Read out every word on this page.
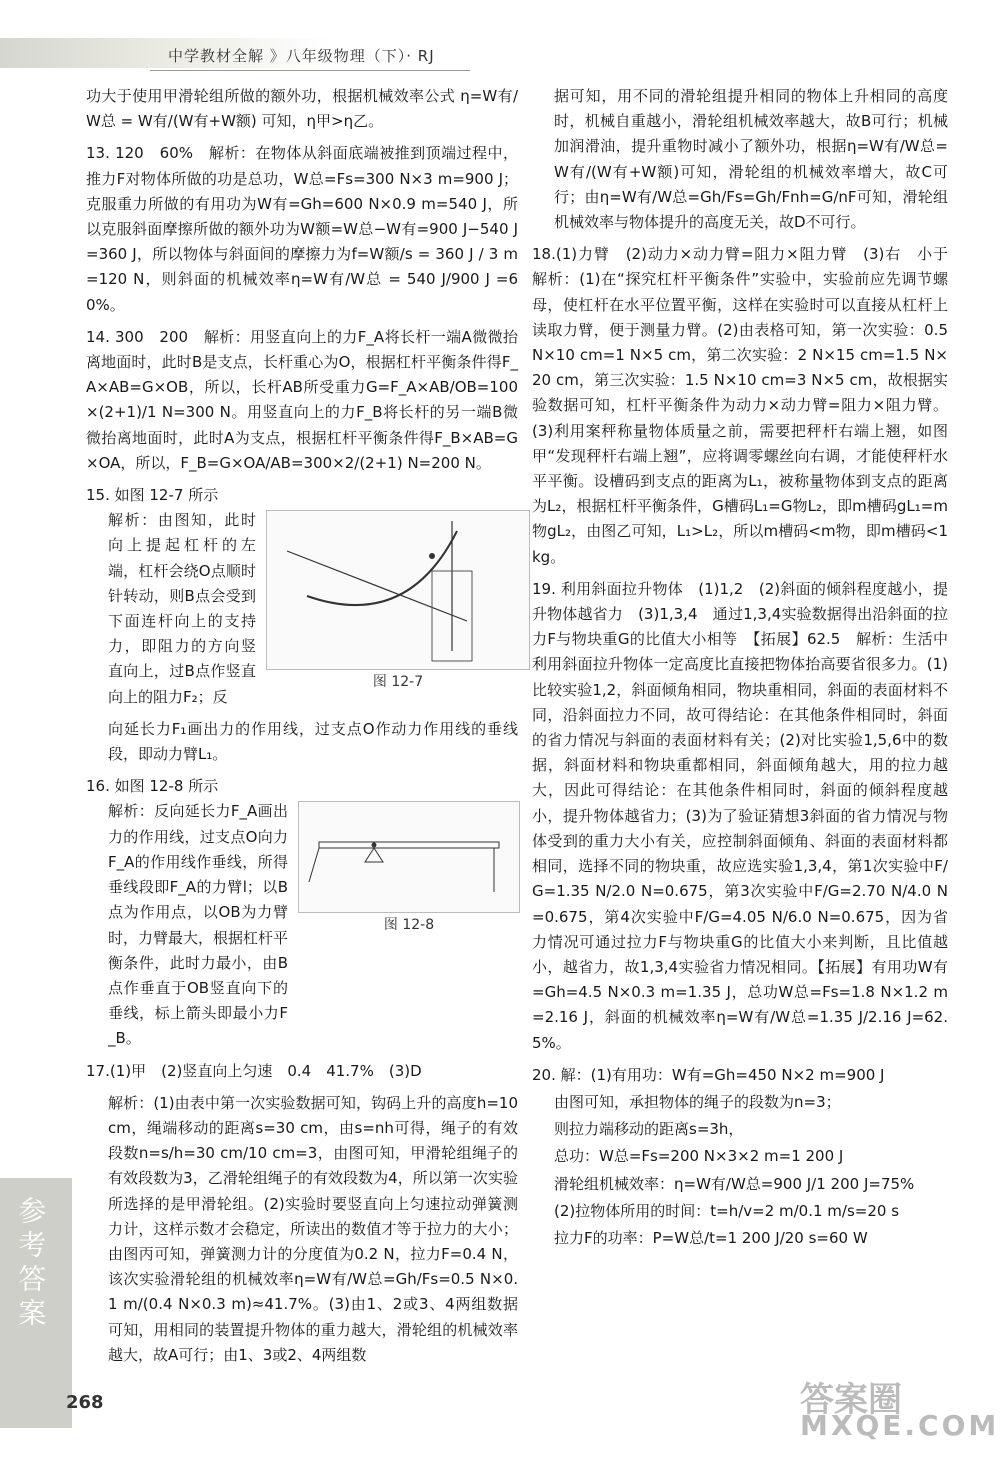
中学教材全解 》八年级物理（下）· RJ

功大于使用甲滑轮组所做的额外功，根据机械效率公式 η=W有/W总 = W有/(W有+W额) 可知，η甲>η乙。

13. 120　60%　解析：在物体从斜面底端被推到顶端过程中，推力F对物体所做的功是总功，W总=Fs=300 N×3 m=900 J；克服重力所做的有用功为W有=Gh=600 N×0.9 m=540 J，所以克服斜面摩擦所做的额外功为W额=W总−W有=900 J−540 J=360 J，所以物体与斜面间的摩擦力为f=W额/s = 360 J / 3 m =120 N，则斜面的机械效率η=W有/W总 = 540 J/900 J =60%。

14. 300　200　解析：用竖直向上的力F_A将长杆一端A微微抬离地面时，此时B是支点，长杆重心为O，根据杠杆平衡条件得F_A×AB=G×OB，所以，长杆AB所受重力G=F_A×AB/OB=100×(2+1)/1 N=300 N。用竖直向上的力F_B将长杆的另一端B微微抬离地面时，此时A为支点，根据杠杆平衡条件得F_B×AB=G×OA，所以，F_B=G×OA/AB=300×2/(2+1) N=200 N。

15. 如图 12-7 所示

解析：由图知，此时向上提起杠杆的左端，杠杆会绕O点顺时针转动，则B点会受到下面连杆向上的支持力，即阻力的方向竖直向上，过B点作竖直向上的阻力F₂；反

图 12-7

向延长力F₁画出力的作用线，过支点O作动力作用线的垂线段，即动力臂L₁。

16. 如图 12-8 所示

解析：反向延长力F_A画出力的作用线，过支点O向力F_A的作用线作垂线，所得垂线段即F_A的力臂l；以B点为作用点，以OB为力臂时，力臂最大，根据杠杆平衡条件，此时力最小，由B点作垂直于OB竖直向下的垂线，标上箭头即最小力F_B。

图 12-8

17.(1)甲　(2)竖直向上匀速　0.4　41.7%　(3)D

解析：(1)由表中第一次实验数据可知，钩码上升的高度h=10 cm，绳端移动的距离s=30 cm，由s=nh可得，绳子的有效段数n=s/h=30 cm/10 cm=3，由图可知，甲滑轮组绳子的有效段数为3，乙滑轮组绳子的有效段数为4，所以第一次实验所选择的是甲滑轮组。(2)实验时要竖直向上匀速拉动弹簧测力计，这样示数才会稳定，所读出的数值才等于拉力的大小；由图丙可知，弹簧测力计的分度值为0.2 N，拉力F=0.4 N，该次实验滑轮组的机械效率η=W有/W总=Gh/Fs=0.5 N×0.1 m/(0.4 N×0.3 m)≈41.7%。(3)由1、2或3、4两组数据可知，用相同的装置提升物体的重力越大，滑轮组的机械效率越大，故A可行；由1、3或2、4两组数

据可知，用不同的滑轮组提升相同的物体上升相同的高度时，机械自重越小，滑轮组机械效率越大，故B可行；机械加润滑油，提升重物时减小了额外功，根据η=W有/W总=W有/(W有+W额)可知，滑轮组的机械效率增大，故C可行；由η=W有/W总=Gh/Fs=Gh/Fnh=G/nF可知，滑轮组机械效率与物体提升的高度无关，故D不可行。

18.(1)力臂　(2)动力×动力臂=阻力×阻力臂　(3)右　小于　解析：(1)在“探究杠杆平衡条件”实验中，实验前应先调节螺母，使杠杆在水平位置平衡，这样在实验时可以直接从杠杆上读取力臂，便于测量力臂。(2)由表格可知，第一次实验：0.5 N×10 cm=1 N×5 cm，第二次实验：2 N×15 cm=1.5 N×20 cm，第三次实验：1.5 N×10 cm=3 N×5 cm，故根据实验数据可知，杠杆平衡条件为动力×动力臂=阻力×阻力臂。(3)利用案秤称量物体质量之前，需要把秤杆右端上翘，如图甲“发现秤杆右端上翘”，应将调零螺丝向右调，才能使秤杆水平平衡。设槽码到支点的距离为L₁，被称量物体到支点的距离为L₂，根据杠杆平衡条件，G槽码L₁=G物L₂，即m槽码gL₁=m物gL₂，由图乙可知，L₁>L₂，所以m槽码<m物，即m槽码<1 kg。

19. 利用斜面拉升物体　(1)1,2　(2)斜面的倾斜程度越小，提升物体越省力　(3)1,3,4　通过1,3,4实验数据得出沿斜面的拉力F与物块重G的比值大小相等　【拓展】62.5　解析：生活中利用斜面拉升物体一定高度比直接把物体抬高要省很多力。(1)比较实验1,2，斜面倾角相同，物块重相同，斜面的表面材料不同，沿斜面拉力不同，故可得结论：在其他条件相同时，斜面的省力情况与斜面的表面材料有关；(2)对比实验1,5,6中的数据，斜面材料和物块重都相同，斜面倾角越大，用的拉力越大，因此可得结论：在其他条件相同时，斜面的倾斜程度越小，提升物体越省力；(3)为了验证猜想3斜面的省力情况与物体受到的重力大小有关，应控制斜面倾角、斜面的表面材料都相同，选择不同的物块重，故应选实验1,3,4，第1次实验中F/G=1.35 N/2.0 N=0.675，第3次实验中F/G=2.70 N/4.0 N=0.675，第4次实验中F/G=4.05 N/6.0 N=0.675，因为省力情况可通过拉力F与物块重G的比值大小来判断，且比值越小，越省力，故1,3,4实验省力情况相同。【拓展】有用功W有=Gh=4.5 N×0.3 m=1.35 J，总功W总=Fs=1.8 N×1.2 m=2.16 J，斜面的机械效率η=W有/W总=1.35 J/2.16 J=62.5%。

20. 解：(1)有用功：W有=Gh=450 N×2 m=900 J

由图可知，承担物体的绳子的段数为n=3；

则拉力端移动的距离s=3h，

总功：W总=Fs=200 N×3×2 m=1 200 J

滑轮组机械效率：η=W有/W总=900 J/1 200 J=75%

(2)拉物体所用的时间：t=h/v=2 m/0.1 m/s=20 s

拉力F的功率：P=W总/t=1 200 J/20 s=60 W

参考答案
268	答案圈
MXQE.COM
